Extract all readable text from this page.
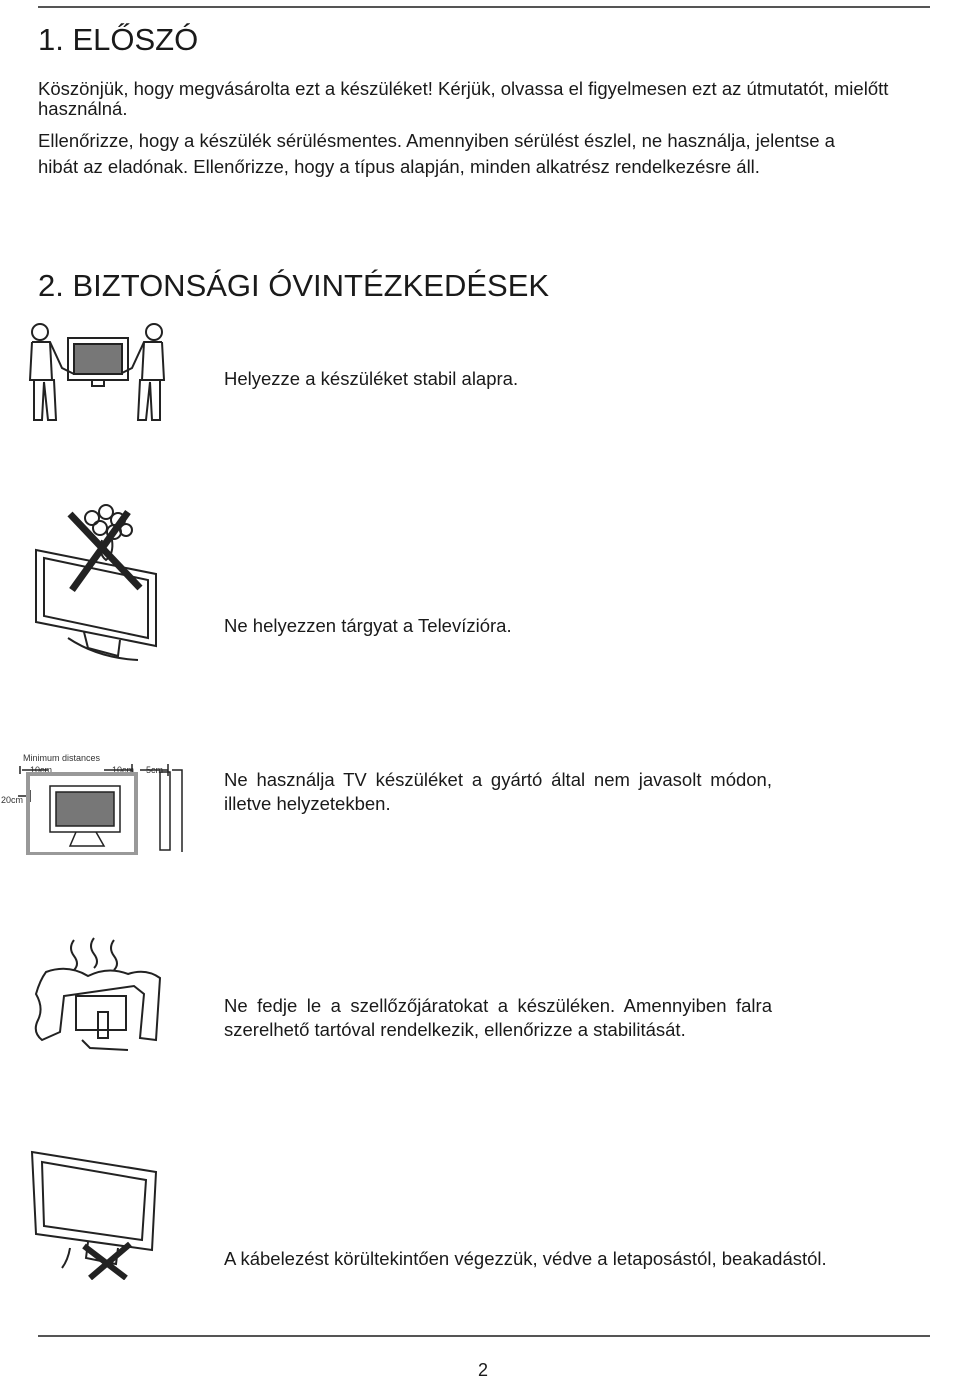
1. ELŐSZÓ

Köszönjük, hogy megvásárolta ezt a készüléket! Kérjük, olvassa el figyelmesen ezt az útmutatót, mielőtt

használná.

Ellenőrizze, hogy a készülék sérülésmentes. Amennyiben sérülést észlel, ne használja, jelentse a

hibát az eladónak. Ellenőrizze, hogy a típus alapján, minden alkatrész rendelkezésre áll.

2. BIZTONSÁGI ÓVINTÉZKEDÉSEK

Helyezze a készüléket stabil alapra.

Ne helyezzen tárgyat a Televízióra.

Minimum distances
10cm	10cm 5cm
20cm

Ne használja TV készüléket a gyártó által nem javasolt módon, illetve helyzetekben.

Ne fedje le a szellőzőjáratokat a készüléken. Amennyiben falra szerelhető tartóval rendelkezik, ellenőrizze a stabilitását.

A kábelezést körültekintően végezzük, védve a letaposástól, beakadástól.

2
